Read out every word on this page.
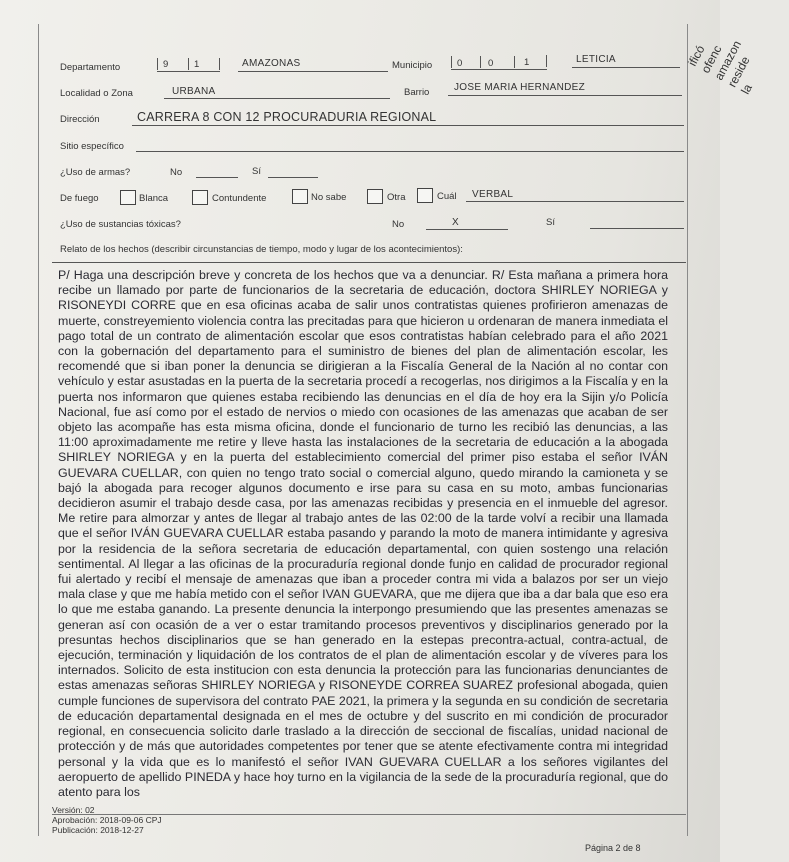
ificó
ofenc
amazon
reside
la
Departamento	9	1	AMAZONAS	Municipio	0	0	1	LETICIA
Localidad o Zona	URBANA	Barrio JOSE MARIA HERNANDEZ
Dirección	CARRERA 8 CON 12 PROCURADURIA REGIONAL
Sitio específico
¿Uso de armas?	No	Sí
De fuego	Blanca	Contundente	No sabe	Otra	Cuál VERBAL
¿Uso de sustancias tóxicas?	No	X	Sí
Relato de los hechos (describir circunstancias de tiempo, modo y lugar de los acontecimientos):

P/ Haga una descripción breve y concreta de los hechos que va a denunciar. R/ Esta mañana a primera hora recibe un llamado por parte de funcionarios de la secretaria de educación, doctora SHIRLEY NORIEGA y RISONEYDI CORRE que en esa oficinas acaba de salir unos contratistas quienes profirieron amenazas de muerte, constreyemiento violencia contra las precitadas para que hicieron u ordenaran de manera inmediata el pago total de un contrato de alimentación escolar que esos contratistas habían celebrado para el año 2021 con la gobernación del departamento para el suministro de bienes del plan de alimentación escolar, les recomendé que si iban poner la denuncia se dirigieran a la Fiscalía General de la Nación al no contar con vehículo y estar asustadas en la puerta de la secretaria procedí a recogerlas, nos dirigimos a la Fiscalía y en la puerta nos informaron que quienes estaba recibiendo las denuncias en el día de hoy era la Sijin y/o Policía Nacional, fue así como por el estado de nervios o miedo con ocasiones de las amenazas que acaban de ser objeto las acompañe has esta misma oficina, donde el funcionario de turno les recibió las denuncias, a las 11:00 aproximadamente me retire y lleve hasta las instalaciones de la secretaria de educación a la abogada SHIRLEY NORIEGA y en la puerta del establecimiento comercial del primer piso estaba el señor IVÁN GUEVARA CUELLAR, con quien no tengo trato social o comercial alguno, quedo mirando la camioneta y se bajó la abogada para recoger algunos documento e irse para su casa en su moto, ambas funcionarias decidieron asumir el trabajo desde casa, por las amenazas recibidas y presencia en el inmueble del agresor. Me retire para almorzar y antes de llegar al trabajo antes de las 02:00 de la tarde volví a recibir una llamada que el señor IVÁN GUEVARA CUELLAR estaba pasando y parando la moto de manera intimidante y agresiva por la residencia de la señora secretaria de educación departamental, con quien sostengo una relación sentimental. Al llegar a las oficinas de la procuraduría regional donde funjo en calidad de procurador regional fui alertado y recibí el mensaje de amenazas que iban a proceder contra mi vida a balazos por ser un viejo mala clase y que me había metido con el señor IVAN GUEVARA, que me dijera que iba a dar bala que eso era lo que me estaba ganando. La presente denuncia la interpongo presumiendo que las presentes amenazas se generan así con ocasión de a ver o estar tramitando procesos preventivos y disciplinarios generado por la presuntas hechos disciplinarios que se han generado en la estepas precontra-actual, contra-actual, de ejecución, terminación y liquidación de los contratos de el plan de alimentación escolar y de víveres para los internados. Solicito de esta institucion con esta denuncia la protección para las funcionarias denunciantes de estas amenazas señoras SHIRLEY NORIEGA y RISONEYDE CORREA SUAREZ profesional abogada, quien cumple funciones de supervisora del contrato PAE 2021, la primera y la segunda en su condición de secretaria de educación departamental designada en el mes de octubre y del suscrito en mi condición de procurador regional, en consecuencia solicito darle traslado a la dirección de seccional de fiscalías, unidad nacional de protección y de más que autoridades competentes por tener que se atente efectivamente contra mi integridad personal y la vida que es lo manifestó el señor IVAN GUEVARA CUELLAR a los señores vigilantes del aeropuerto de apellido PINEDA y hace hoy turno en la vigilancia de la sede de la procuraduría regional, que do atento para los

Versión: 02
Aprobación: 2018-09-06 CPJ
Publicación: 2018-12-27
Página 2 de 8
